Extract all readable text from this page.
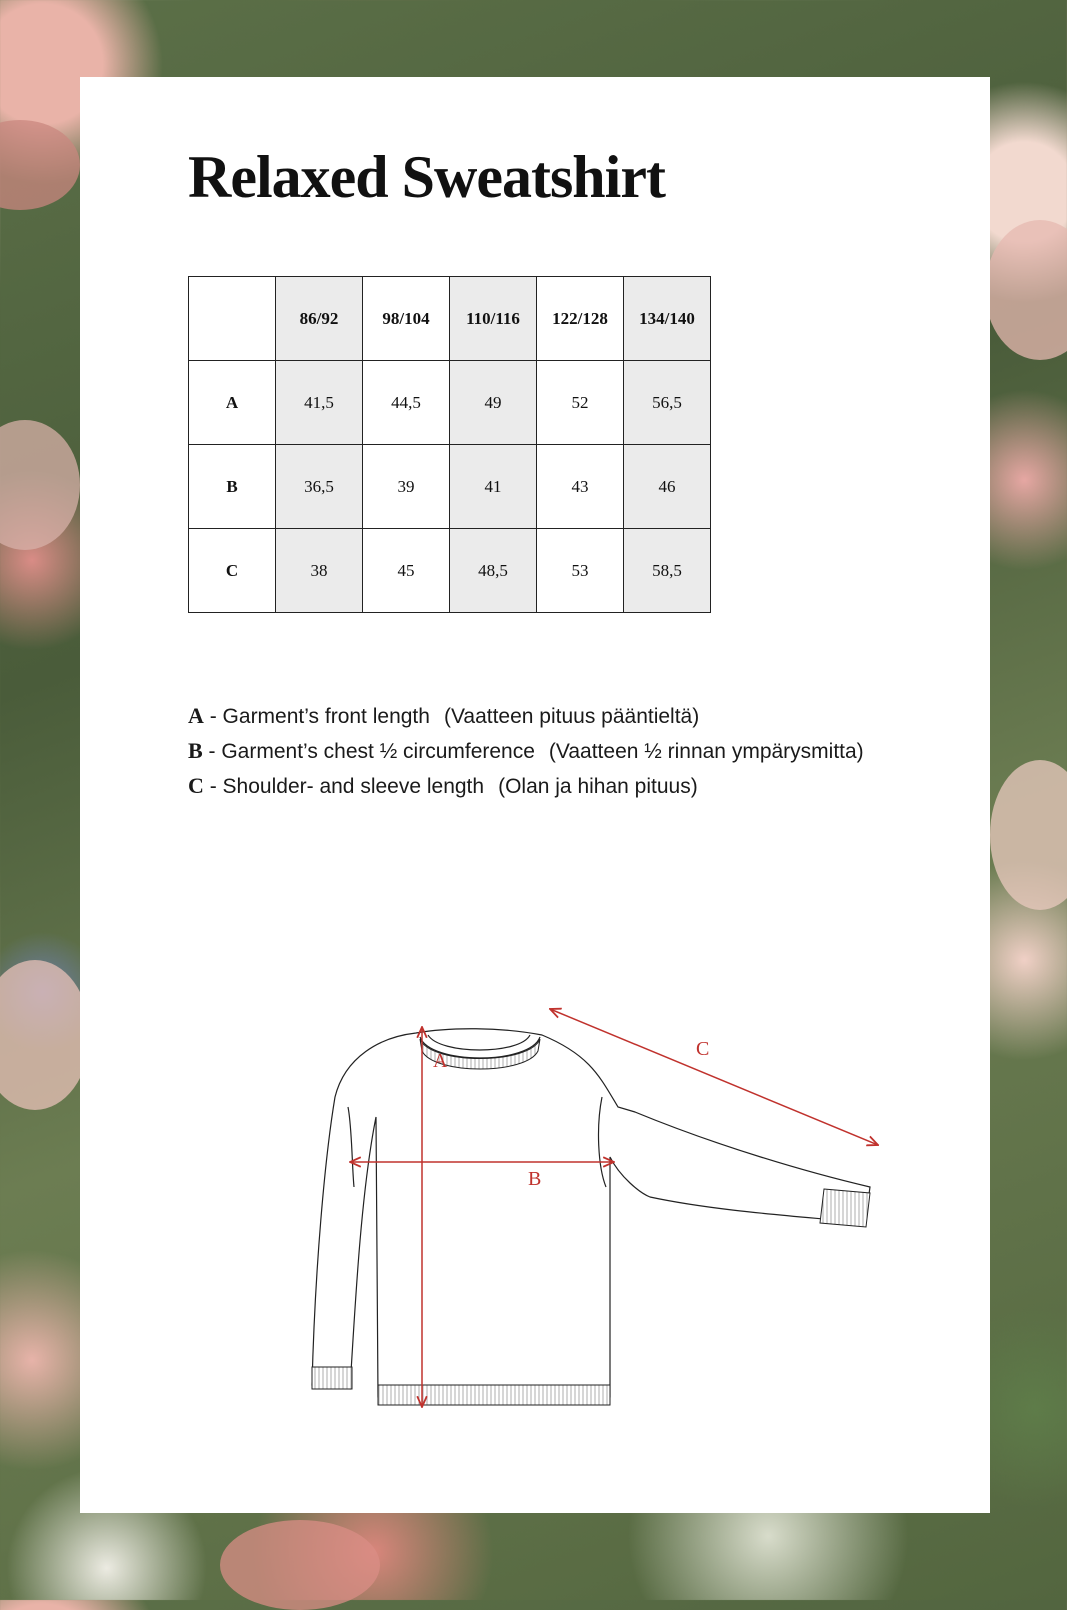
Relaxed Sweatshirt
	86/92	98/104	110/116	122/128	134/140
A	41,5	44,5	49	52	56,5
B	36,5	39	41	43	46
C	38	45	48,5	53	58,5
A - Garment’s front length (Vaatteen pituus pääntieltä)
B - Garment’s chest ½ circumference (Vaatteen ½ rinnan ympärysmitta)
C - Shoulder- and sleeve length (Olan ja hihan pituus)
A
B
C
